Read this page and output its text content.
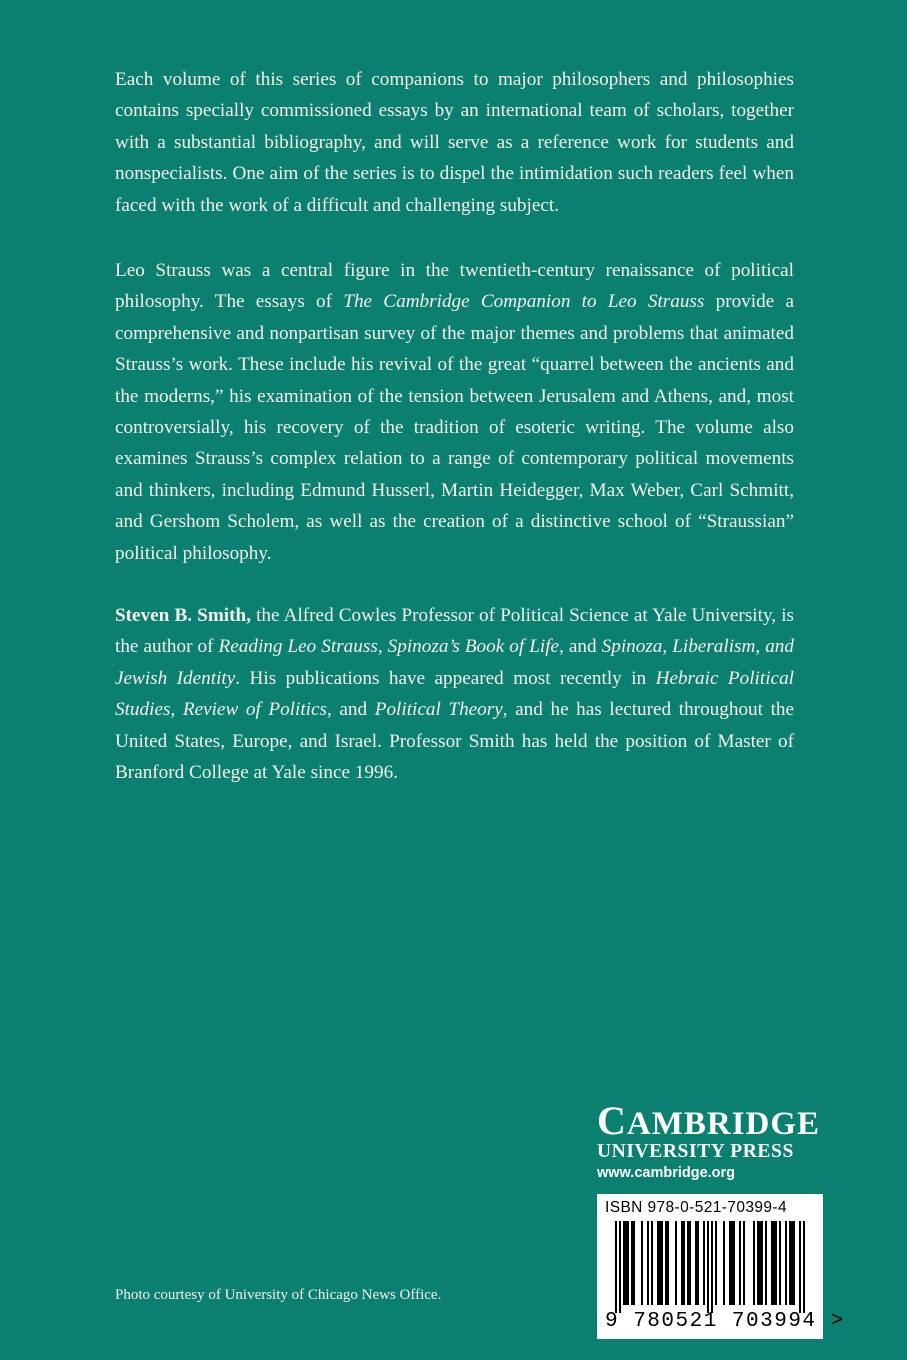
Each volume of this series of companions to major philosophers and philosophies contains specially commissioned essays by an international team of scholars, together with a substantial bibliography, and will serve as a reference work for students and nonspecialists. One aim of the series is to dispel the intimidation such readers feel when faced with the work of a difficult and challenging subject.

Leo Strauss was a central figure in the twentieth-century renaissance of political philosophy. The essays of The Cambridge Companion to Leo Strauss provide a comprehensive and nonpartisan survey of the major themes and problems that animated Strauss’s work. These include his revival of the great “quarrel between the ancients and the moderns,” his examination of the tension between Jerusalem and Athens, and, most controversially, his recovery of the tradition of esoteric writing. The volume also examines Strauss’s complex relation to a range of contemporary political movements and thinkers, including Edmund Husserl, Martin Heidegger, Max Weber, Carl Schmitt, and Gershom Scholem, as well as the creation of a distinctive school of “Straussian” political philosophy.

Steven B. Smith, the Alfred Cowles Professor of Political Science at Yale University, is the author of Reading Leo Strauss, Spinoza’s Book of Life, and Spinoza, Liberalism, and Jewish Identity. His publications have appeared most recently in Hebraic Political Studies, Review of Politics, and Political Theory, and he has lectured throughout the United States, Europe, and Israel. Professor Smith has held the position of Master of Branford College at Yale since 1996.

Photo courtesy of University of Chicago News Office.
CAMBRIDGE
UNIVERSITY PRESS
www.cambridge.org
ISBN 978-0-521-70399-4
9 780521 703994 >
